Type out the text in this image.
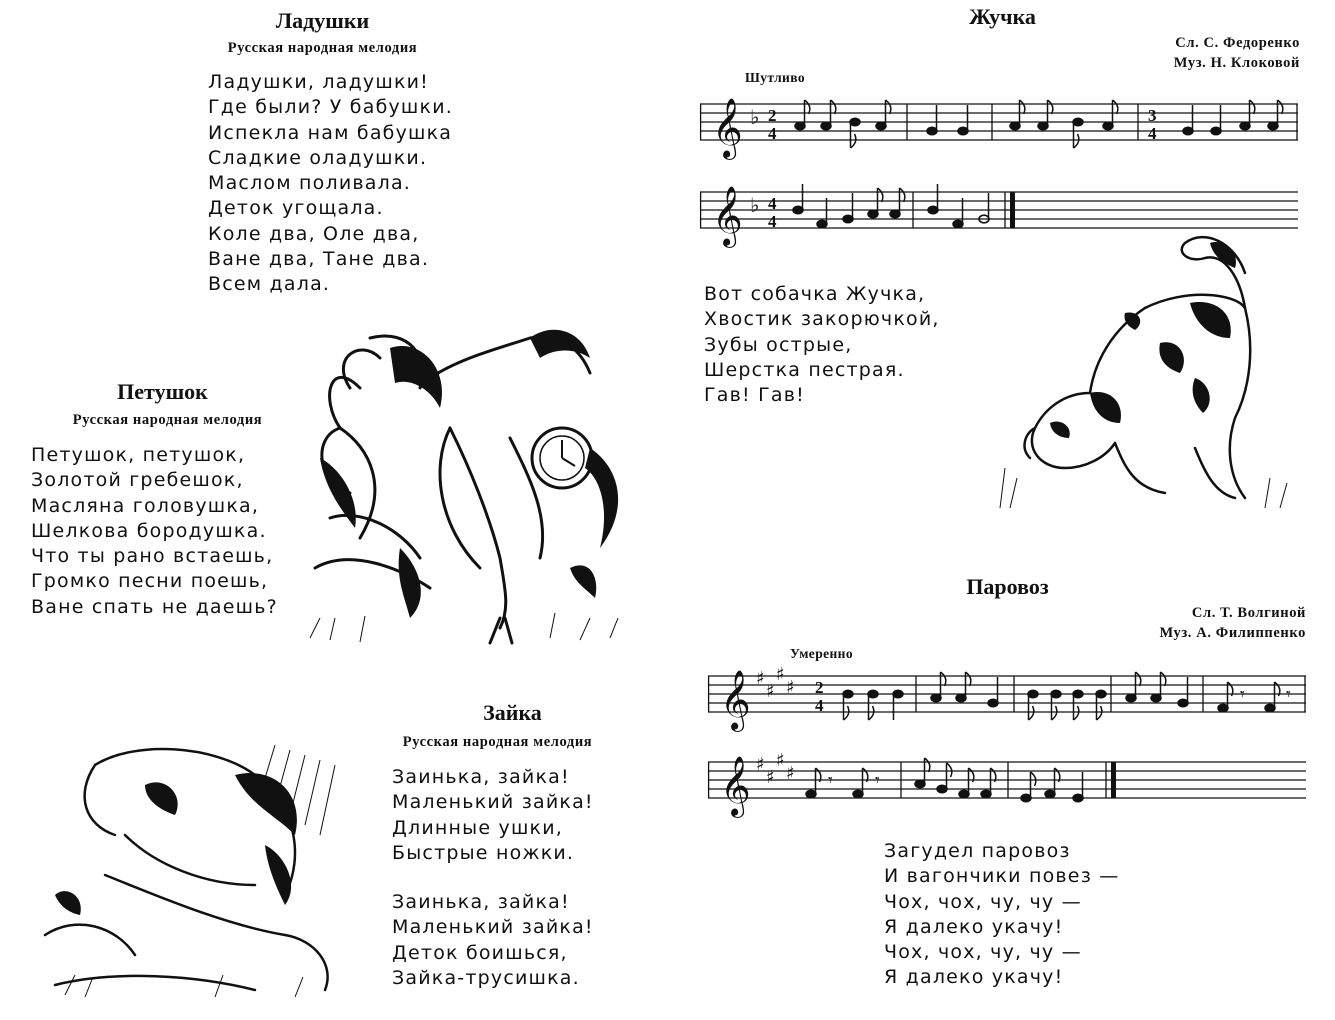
Ладушки
Русская народная мелодия
Ладушки, ладушки!
Где были? У бабушки.
Испекла нам бабушка
Сладкие оладушки.
Маслом поливала.
Деток угощала.
Коле два, Оле два,
Ване два, Тане два.
Всем дала.
Петушок
Русская народная мелодия
Петушок, петушок,
Золотой гребешок,
Масляна головушка,
Шелкова бородушка.
Что ты рано встаешь,
Громко песни поешь,
Ване спать не даешь?
Зайка
Русская народная мелодия
Заинька, зайка!
Маленький зайка!
Длинные ушки,
Быстрые ножки.
Заинька, зайка!
Маленький зайка!
Деток боишься,
Зайка-трусишка.
Жучка
Сл. С. Федоренко
Муз. Н. Клоковой
Шутливо
𝄞 ♭ 2
4
3
4
𝄞 ♭ 4
4
Вот собачка Жучка,
Хвостик закорючкой,
Зубы острые,
Шерстка пестрая.
Гав! Гав!
Паровоз
Сл. Т. Волгиной
Муз. А. Филиппенко
Умеренно
𝄞 ♯
♯
♯
♯ 2
4
𝄾 𝄾
𝄞 ♯
♯
♯
♯ 𝄾 𝄾
Загудел паровоз
И вагончики повез —
Чох, чох, чу, чу —
Я далеко укачу!
Чох, чох, чу, чу —
Я далеко укачу!
